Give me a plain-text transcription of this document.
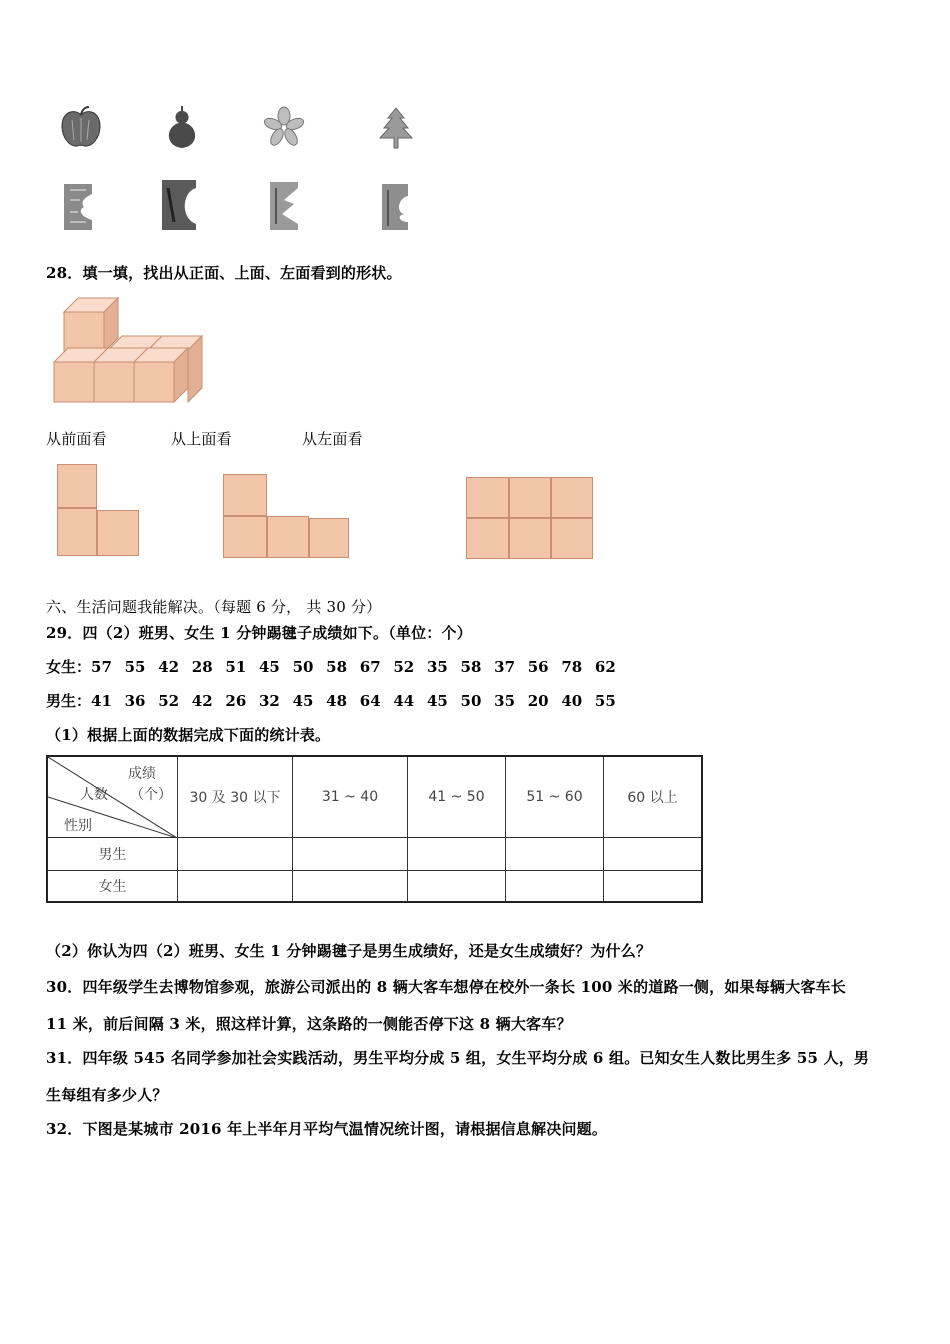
28．填一填，找出从正面、上面、左面看到的形状。
从前面看	从上面看	从左面看
六、生活问题我能解决。（每题 6 分， 共 30 分）
29．四（2）班男、女生 1 分钟踢毽子成绩如下。（单位：个）
女生：57 55 42 28 51 45 50 58 67 52 35 58 37 56 78 62
男生：41 36 52 42 26 32 45 48 64 44 45 50 35 20 40 55
（1）根据上面的数据完成下面的统计表。
成绩
（个）
人数
性别	30 及 30 以下	31 ~ 40	41 ~ 50	51 ~ 60	60 以上
男生					
女生					
（2）你认为四（2）班男、女生 1 分钟踢毽子是男生成绩好，还是女生成绩好？为什么？
30．四年级学生去博物馆参观，旅游公司派出的 8 辆大客车想停在校外一条长 100 米的道路一侧，如果每辆大客车长
11 米，前后间隔 3 米，照这样计算，这条路的一侧能否停下这 8 辆大客车？
31．四年级 545 名同学参加社会实践活动，男生平均分成 5 组，女生平均分成 6 组。已知女生人数比男生多 55 人，男
生每组有多少人？
32．下图是某城市 2016 年上半年月平均气温情况统计图，请根据信息解决问题。
